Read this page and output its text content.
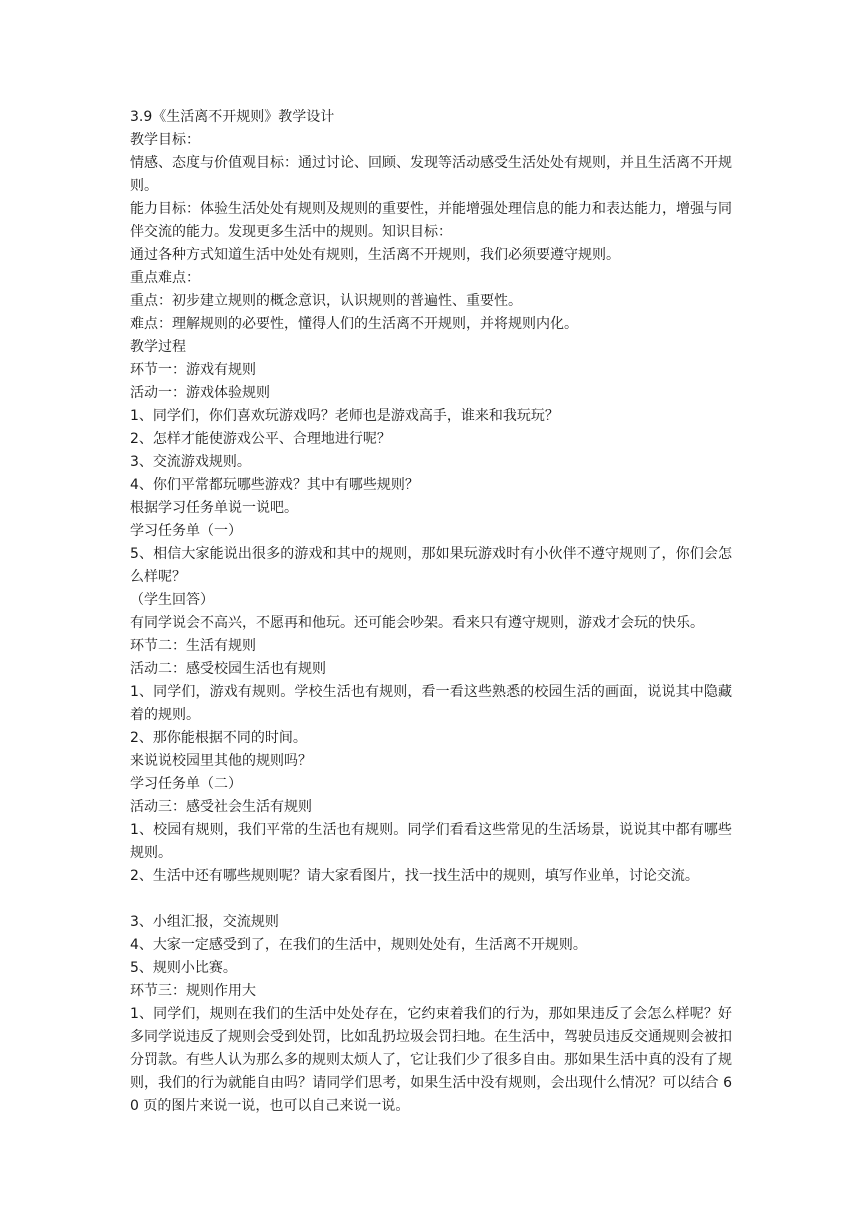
3.9《生活离不开规则》教学设计

教学目标：

情感、态度与价值观目标：通过讨论、回顾、发现等活动感受生活处处有规则，并且生活离不开规则。

能力目标：体验生活处处有规则及规则的重要性，并能增强处理信息的能力和表达能力，增强与同伴交流的能力。发现更多生活中的规则。知识目标：

通过各种方式知道生活中处处有规则，生活离不开规则，我们必须要遵守规则。

重点难点：

重点：初步建立规则的概念意识，认识规则的普遍性、重要性。

难点：理解规则的必要性，懂得人们的生活离不开规则，并将规则内化。

教学过程

环节一：游戏有规则

活动一：游戏体验规则

1、同学们，你们喜欢玩游戏吗？老师也是游戏高手，谁来和我玩玩？

2、怎样才能使游戏公平、合理地进行呢？

3、交流游戏规则。

4、你们平常都玩哪些游戏？其中有哪些规则？

根据学习任务单说一说吧。

学习任务单（一）

5、相信大家能说出很多的游戏和其中的规则，那如果玩游戏时有小伙伴不遵守规则了，你们会怎么样呢？

（学生回答）

有同学说会不高兴，不愿再和他玩。还可能会吵架。看来只有遵守规则，游戏才会玩的快乐。

环节二：生活有规则

活动二：感受校园生活也有规则

1、同学们，游戏有规则。学校生活也有规则，看一看这些熟悉的校园生活的画面，说说其中隐藏着的规则。

2、那你能根据不同的时间。

来说说校园里其他的规则吗？

学习任务单（二）

活动三：感受社会生活有规则

1、校园有规则，我们平常的生活也有规则。同学们看看这些常见的生活场景，说说其中都有哪些规则。

2、生活中还有哪些规则呢？请大家看图片，找一找生活中的规则，填写作业单，讨论交流。

3、小组汇报，交流规则

4、大家一定感受到了，在我们的生活中，规则处处有，生活离不开规则。

5、规则小比赛。

环节三：规则作用大

1、同学们，规则在我们的生活中处处存在，它约束着我们的行为，那如果违反了会怎么样呢？好多同学说违反了规则会受到处罚，比如乱扔垃圾会罚扫地。在生活中，驾驶员违反交通规则会被扣分罚款。有些人认为那么多的规则太烦人了，它让我们少了很多自由。那如果生活中真的没有了规则，我们的行为就能自由吗？请同学们思考，如果生活中没有规则，会出现什么情况？可以结合 60 页的图片来说一说，也可以自己来说一说。
